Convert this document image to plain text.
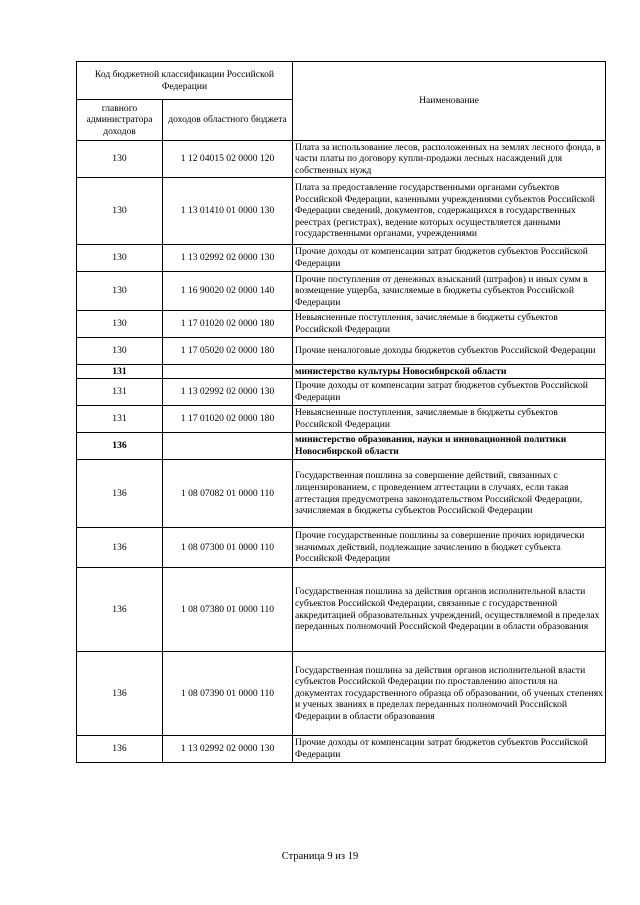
Код бюджетной классификации Российской Федерации		Наименование
главного администратора доходов	доходов областного бюджета	
130	1 12 04015 02 0000 120	Плата за использование лесов, расположенных на землях лесного фонда, в части платы по договору купли-продажи лесных насаждений для собственных нужд
130	1 13 01410 01 0000 130	Плата за предоставление государственными органами субъектов Российской Федерации, казенными учреждениями субъектов Российской Федерации сведений, документов, содержащихся в государственных реестрах (регистрах), ведение которых осуществляется данными государственными органами, учреждениями
130	1 13 02992 02 0000 130	Прочие доходы от компенсации затрат бюджетов субъектов Российской Федерации
130	1 16 90020 02 0000 140	Прочие поступления от денежных взысканий (штрафов) и иных сумм в возмещение ущерба, зачисляемые в бюджеты субъектов Российской Федерации
130	1 17 01020 02 0000 180	Невыясненные поступления, зачисляемые в бюджеты субъектов Российской Федерации
130	1 17 05020 02 0000 180	Прочие неналоговые доходы бюджетов субъектов Российской Федерации
131		министерство культуры Новосибирской области
131	1 13 02992 02 0000 130	Прочие доходы от компенсации затрат бюджетов субъектов Российской Федерации
131	1 17 01020 02 0000 180	Невыясненные поступления, зачисляемые в бюджеты субъектов Российской Федерации
136		министерство образования, науки и инновационной политики Новосибирской области
136	1 08 07082 01 0000 110	Государственная пошлина за совершение действий, связанных с лицензированием, с проведением аттестации в случаях, если такая аттестация предусмотрена законодательством Российской Федерации, зачисляемая в бюджеты субъектов Российской Федерации
136	1 08 07300 01 0000 110	Прочие государственные пошлины за совершение прочих юридически значимых действий, подлежащие зачислению в бюджет субъекта Российской Федерации
136	1 08 07380 01 0000 110	Государственная пошлина за действия органов исполнительной власти субъектов Российской Федерации, связанные с государственной аккредитацией образовательных учреждений, осуществляемой в пределах переданных полномочий Российской Федерации в области образования
136	1 08 07390 01 0000 110	Государственная пошлина за действия органов исполнительной власти субъектов Российской Федерации по проставлению апостиля на документах государственного образца об образовании, об ученых степенях и ученых званиях в пределах переданных полномочий Российской Федерации в области образования
136	1 13 02992 02 0000 130	Прочие доходы от компенсации затрат бюджетов субъектов Российской Федерации
Страница 9 из 19
